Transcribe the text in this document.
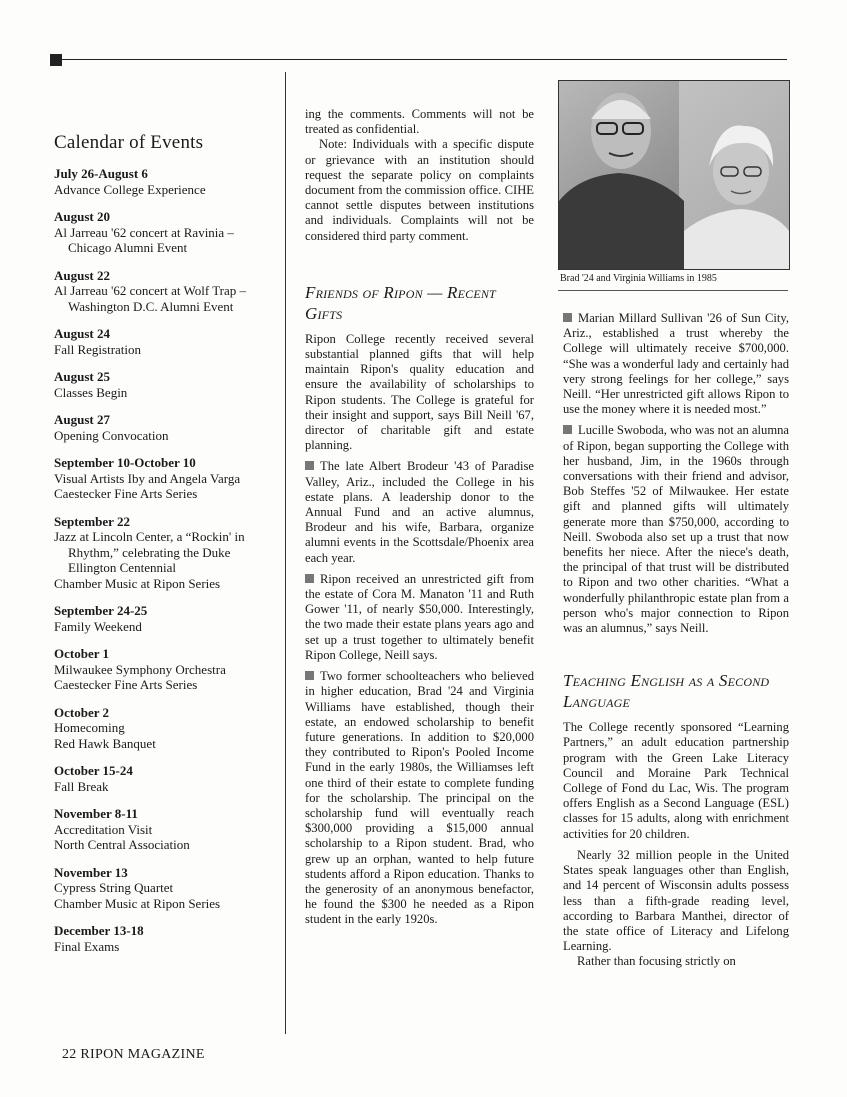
Calendar of Events
July 26-August 6
Advance College Experience
August 20
Al Jarreau '62 concert at Ravinia – Chicago Alumni Event
August 22
Al Jarreau '62 concert at Wolf Trap – Washington D.C. Alumni Event
August 24
Fall Registration
August 25
Classes Begin
August 27
Opening Convocation
September 10-October 10
Visual Artists Iby and Angela Varga
Caestecker Fine Arts Series
September 22
Jazz at Lincoln Center, a “Rockin' in Rhythm,” celebrating the Duke Ellington Centennial
Chamber Music at Ripon Series
September 24-25
Family Weekend
October 1
Milwaukee Symphony Orchestra
Caestecker Fine Arts Series
October 2
Homecoming
Red Hawk Banquet
October 15-24
Fall Break
November 8-11
Accreditation Visit
North Central Association
November 13
Cypress String Quartet
Chamber Music at Ripon Series
December 13-18
Final Exams

ing the comments. Comments will not be treated as confidential.

Note: Individuals with a specific dispute or grievance with an institution should request the separate policy on complaints document from the commission office. CIHE cannot settle disputes between institutions and individuals. Complaints will not be considered third party comment.

Friends of Ripon — Recent Gifts

Ripon College recently received several substantial planned gifts that will help maintain Ripon's quality education and ensure the availability of scholarships to Ripon students. The College is grateful for their insight and support, says Bill Neill '67, director of charitable gift and estate planning.

The late Albert Brodeur '43 of Paradise Valley, Ariz., included the College in his estate plans. A leadership donor to the Annual Fund and an active alumnus, Brodeur and his wife, Barbara, organize alumni events in the Scottsdale/Phoenix area each year.

Ripon received an unrestricted gift from the estate of Cora M. Manaton '11 and Ruth Gower '11, of nearly $50,000. Interestingly, the two made their estate plans years ago and set up a trust together to ultimately benefit Ripon College, Neill says.

Two former schoolteachers who believed in higher education, Brad '24 and Virginia Williams have established, though their estate, an endowed scholarship to benefit future generations. In addition to $20,000 they contributed to Ripon's Pooled Income Fund in the early 1980s, the Williamses left one third of their estate to complete funding for the scholarship. The principal on the scholarship fund will eventually reach $300,000 providing a $15,000 annual scholarship to a Ripon student. Brad, who grew up an orphan, wanted to help future students afford a Ripon education. Thanks to the generosity of an anonymous benefactor, he found the $300 he needed as a Ripon student in the early 1920s.

Brad '24 and Virginia Williams in 1985

Marian Millard Sullivan '26 of Sun City, Ariz., established a trust whereby the College will ultimately receive $700,000. “She was a wonderful lady and certainly had very strong feelings for her college,” says Neill. “Her unrestricted gift allows Ripon to use the money where it is needed most.”

Lucille Swoboda, who was not an alumna of Ripon, began supporting the College with her husband, Jim, in the 1960s through conversations with their friend and advisor, Bob Steffes '52 of Milwaukee. Her estate gift and planned gifts will ultimately generate more than $750,000, according to Neill. Swoboda also set up a trust that now benefits her niece. After the niece's death, the principal of that trust will be distributed to Ripon and two other charities. “What a wonderfully philanthropic estate plan from a person who's major connection to Ripon was an alumnus,” says Neill.

Teaching English as a Second Language

The College recently sponsored “Learning Partners,” an adult education partnership program with the Green Lake Literacy Council and Moraine Park Technical College of Fond du Lac, Wis. The program offers English as a Second Language (ESL) classes for 15 adults, along with enrichment activities for 20 children.

Nearly 32 million people in the United States speak languages other than English, and 14 percent of Wisconsin adults possess less than a fifth-grade reading level, according to Barbara Manthei, director of the state office of Literacy and Lifelong Learning.

Rather than focusing strictly on

22 RIPON MAGAZINE
